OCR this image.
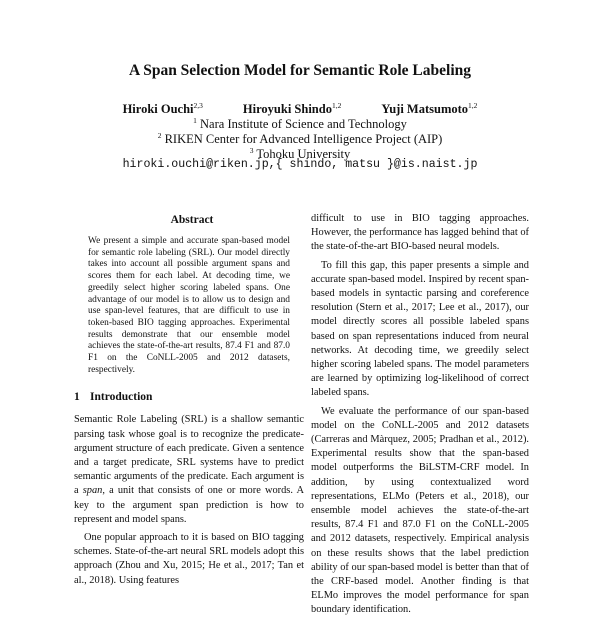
A Span Selection Model for Semantic Role Labeling
Hiroki Ouchi$^{2,3}$	Hiroyuki Shindo$^{1,2}$	Yuji Matsumoto$^{1,2}$
$^1$ Nara Institute of Science and Technology
$^2$ RIKEN Center for Advanced Intelligence Project (AIP)
$^3$ Tohoku University
hiroki.ouchi@riken.jp,{ shindo, matsu }@is.naist.jp
Abstract

We present a simple and accurate span-based model for semantic role labeling (SRL). Our model directly takes into account all possible argument spans and scores them for each label. At decoding time, we greedily select higher scoring labeled spans. One advantage of our model is to allow us to design and use span-level features, that are difficult to use in token-based BIO tagging approaches. Experimental results demonstrate that our ensemble model achieves the state-of-the-art results, 87.4 F1 and 87.0 F1 on the CoNLL-2005 and 2012 datasets, respectively.

1 Introduction

Semantic Role Labeling (SRL) is a shallow semantic parsing task whose goal is to recognize the predicate-argument structure of each predicate. Given a sentence and a target predicate, SRL systems have to predict semantic arguments of the predicate. Each argument is a span, a unit that consists of one or more words. A key to the argument span prediction is how to represent and model spans.

One popular approach to it is based on BIO tagging schemes. State-of-the-art neural SRL models adopt this approach (Zhou and Xu, 2015; He et al., 2017; Tan et al., 2018). Using features

difficult to use in BIO tagging approaches. However, the performance has lagged behind that of the state-of-the-art BIO-based neural models.

To fill this gap, this paper presents a simple and accurate span-based model. Inspired by recent span-based models in syntactic parsing and coreference resolution (Stern et al., 2017; Lee et al., 2017), our model directly scores all possible labeled spans based on span representations induced from neural networks. At decoding time, we greedily select higher scoring labeled spans. The model parameters are learned by optimizing log-likelihood of correct labeled spans.

We evaluate the performance of our span-based model on the CoNLL-2005 and 2012 datasets (Carreras and Màrquez, 2005; Pradhan et al., 2012). Experimental results show that the span-based model outperforms the BiLSTM-CRF model. In addition, by using contextualized word representations, ELMo (Peters et al., 2018), our ensemble model achieves the state-of-the-art results, 87.4 F1 and 87.0 F1 on the CoNLL-2005 and 2012 datasets, respectively. Empirical analysis on these results shows that the label prediction ability of our span-based model is better than that of the CRF-based model. Another finding is that ELMo improves the model performance for span boundary identification.
